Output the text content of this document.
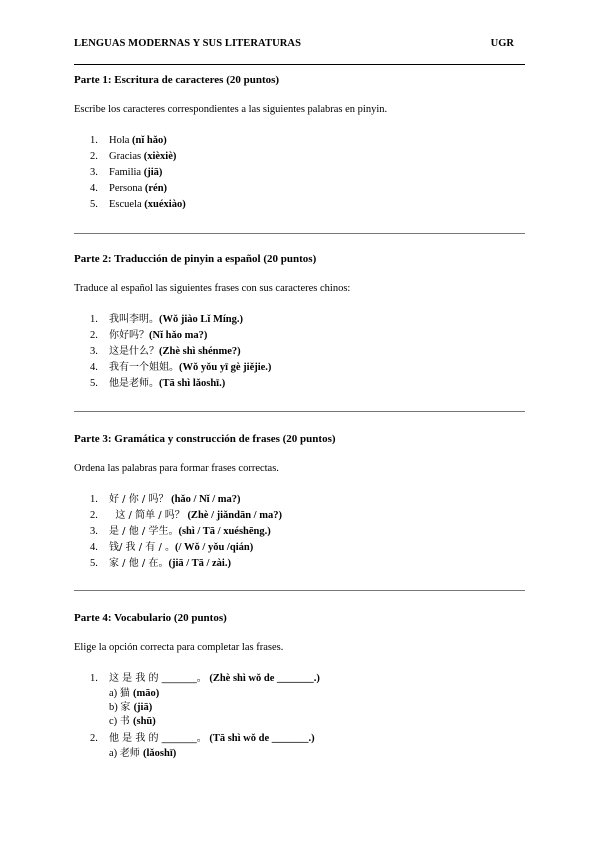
LENGUAS MODERNAS Y SUS LITERATURAS	UGR
Parte 1: Escritura de caracteres (20 puntos)
Escribe los caracteres correspondientes a las siguientes palabras en pinyin.
1. Hola (nǐ hǎo)
2. Gracias (xièxiè)
3. Familia (jiā)
4. Persona (rén)
5. Escuela (xuéxiào)
Parte 2: Traducción de pinyin a español (20 puntos)
Traduce al español las siguientes frases con sus caracteres chinos:
1. 我叫李明。(Wǒ jiào Lǐ Míng.)
2. 你好吗？(Nǐ hǎo ma?)
3. 这是什么？(Zhè shì shénme?)
4. 我有一个姐姐。(Wǒ yǒu yī gè jiějie.)
5. 他是老师。(Tā shì lǎoshī.)
Parte 3: Gramática y construcción de frases (20 puntos)
Ordena las palabras para formar frases correctas.
1. 好 / 你 / 吗？ (hǎo / Nǐ / ma?)
2. 这 / 简单 / 吗？ (Zhè / jiǎndān / ma?)
3. 是 / 他 / 学生。(shì / Tā / xuéshēng.)
4. 钱/ 我 / 有 / 。(/ Wǒ / yǒu /qián)
5. 家 / 他 / 在。(jiā / Tā / zài.)
Parte 4: Vocabulario (20 puntos)
Elige la opción correcta para completar las frases.
1. 这 是 我 的 _______。 (Zhè shì wǒ de _______.)
a) 猫 (māo)
b) 家 (jiā)
c) 书 (shū)
2. 他 是 我 的 _______。 (Tā shì wǒ de _______.)
a) 老师 (lǎoshī)
